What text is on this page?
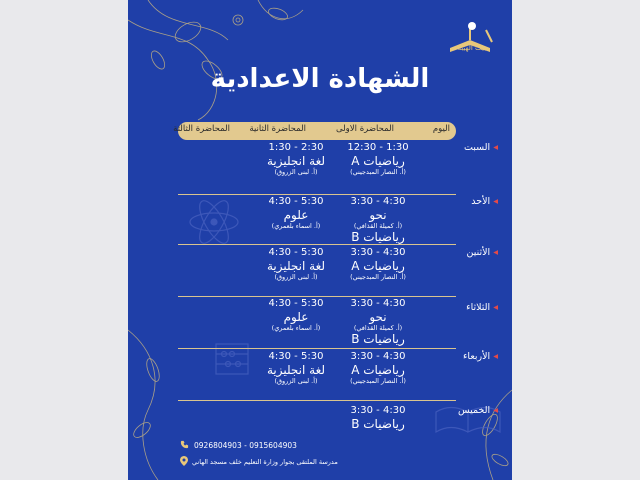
بيت الهيبة
الشهادة الاعدادية
اليوم
المحاضرة الاولى
المحاضرة الثانية
المحاضرة الثالثة
◂ السبت
12:30 - 1:30
رياضيات A
(أ. النصار المبدجيني)
1:30 - 2:30
لغة انجليزية
(أ. لبنى الزروق)
◂ الأحد
3:30 - 4:30
نحو
(أ. كميلة القذافي)
رياضيات B
4:30 - 5:30
علوم
(أ. اسماء بلعمري)
◂ الأثنين
3:30 - 4:30
رياضيات A
(أ. النصار المبدجيني)
4:30 - 5:30
لغة انجليزية
(أ. لبنى الزروق)
◂ الثلاثاء
3:30 - 4:30
نحو
(أ. كميلة القذافي)
رياضيات B
4:30 - 5:30
علوم
(أ. اسماء بلعمري)
◂ الأربعاء
3:30 - 4:30
رياضيات A
(أ. النصار المبدجيني)
4:30 - 5:30
لغة انجليزية
(أ. لبنى الزروق)
◂ الخميس
3:30 - 4:30
رياضيات B
0926804903 - 0915604903
مدرسة الملتقى بجوار وزارة التعليم خلف مسجد الهاني
